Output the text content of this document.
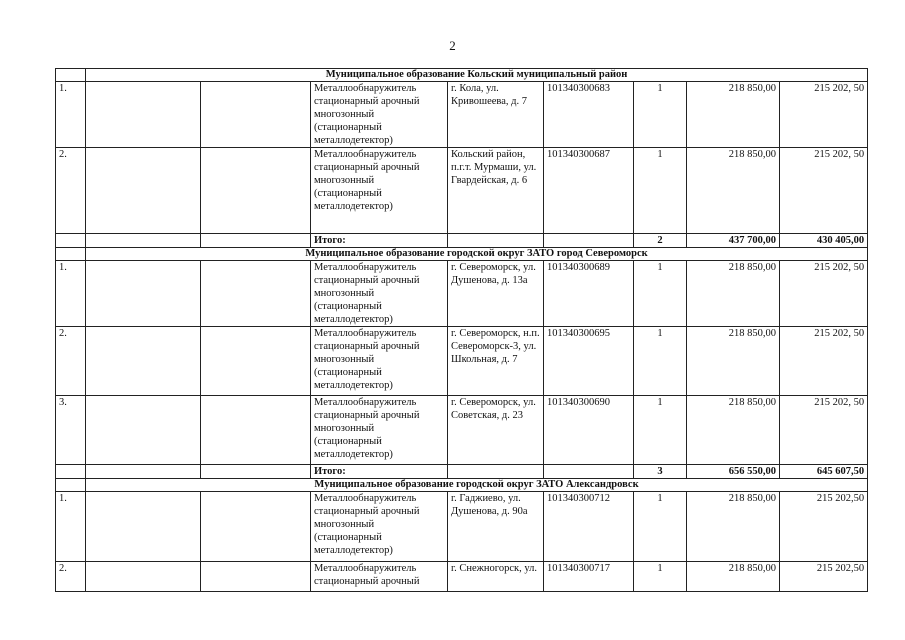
2
	Муниципальное образование Кольский муниципальный район							
1.			Металлообнаружитель стационарный арочный многозонный (стационарный металлодетектор)	г. Кола, ул. Кривошеева, д. 7	101340300683	1	218 850,00	215 202, 50
2.			Металлообнаружитель стационарный арочный многозонный (стационарный металлодетектор)	Кольский район, п.г.т. Мурмаши, ул. Гвардейская, д. 6	101340300687	1	218 850,00	215 202, 50
			Итого:			2	437 700,00	430 405,00
	Муниципальное образование городской округ ЗАТО город Североморск							
1.			Металлообнаружитель стационарный арочный многозонный (стационарный металлодетектор)	г. Североморск, ул. Душенова, д. 13а	101340300689	1	218 850,00	215 202, 50
2.			Металлообнаружитель стационарный арочный многозонный (стационарный металлодетектор)	г. Североморск, н.п. Североморск-3, ул. Школьная, д. 7	101340300695	1	218 850,00	215 202, 50
3.			Металлообнаружитель стационарный арочный многозонный (стационарный металлодетектор)	г. Североморск, ул. Советская, д. 23	101340300690	1	218 850,00	215 202, 50
			Итого:			3	656 550,00	645 607,50
	Муниципальное образование городской округ ЗАТО Александровск							
1.			Металлообнаружитель стационарный арочный многозонный (стационарный металлодетектор)	г. Гаджиево, ул. Душенова, д. 90а	101340300712	1	218 850,00	215 202,50
2.			Металлообнаружитель стационарный арочный	г. Снежногорск, ул.	101340300717	1	218 850,00	215 202,50
